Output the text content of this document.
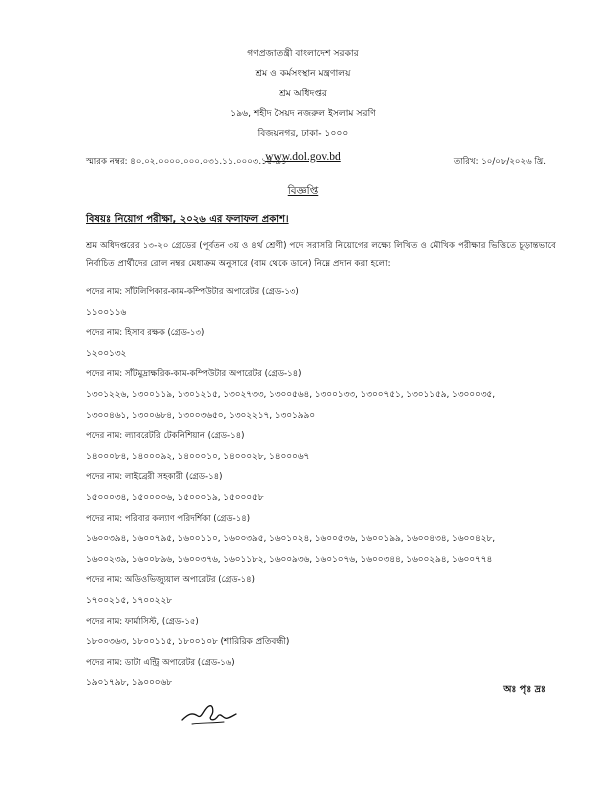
গণপ্রজাতন্ত্রী বাংলাদেশ সরকার
শ্রম ও কর্মসংস্থান মন্ত্রণালয়
শ্রম অধিদপ্তর
১৯৬, শহীদ সৈয়দ নজরুল ইসলাম সরণি
বিজয়নগর, ঢাকা- ১০০০
www.dol.gov.bd
স্মারক নম্বর: ৪০.০২.০০০০.০০০.০৩১.১১.০০০৩.১৫-৯১	তারিখ: ১০/০৮/২০২৬ খ্রি.
বিজ্ঞপ্তি
বিষয়ঃ নিয়োগ পরীক্ষা, ২০২৬ এর ফলাফল প্রকাশ।
শ্রম অধিদপ্তরের ১৩-২০ গ্রেডের (পূর্বতন ৩য় ও ৪র্থ শ্রেণী) পদে সরাসরি নিয়োগের লক্ষ্যে লিখিত ও মৌখিক পরীক্ষার ভিত্তিতে চূড়ান্তভাবে নির্বাচিত প্রার্থীদের রোল নম্বর মেধাক্রম অনুসারে (বাম থেকে ডানে) নিম্নে প্রদান করা হলো:
পদের নাম: সাঁটলিপিকার-কাম-কম্পিউটার অপারেটর (গ্রেড-১৩)
১১০০১১৬
পদের নাম: হিসাব রক্ষক (গ্রেড-১৩)
১২০০১৩২
পদের নাম: সাঁটমুদ্রাক্ষরিক-কাম-কম্পিউটার অপারেটর (গ্রেড-১৪)
১৩০১২২৬, ১৩০০১১৯, ১৩০১২১৫, ১৩০২৭৩৩, ১৩০০৫৬৪, ১৩০০১৩৩, ১৩০০৭৫১, ১৩০১১৫৯, ১৩০০০৩৫,
১৩০০৪৬১, ১৩০০৬৮৪, ১৩০০৩৬৫০, ১৩০২২১৭, ১৩০১৯৯০
পদের নাম: ল্যাবরেটরি টেকনিশিয়ান (গ্রেড-১৪)
১৪০০০৮৪, ১৪০০০৯২, ১৪০০০১০, ১৪০০০২৮, ১৪০০০৬৭
পদের নাম: লাইব্রেরী সহকারী (গ্রেড-১৪)
১৫০০০৩৪, ১৫০০০০৬, ১৫০০০১৯, ১৫০০০৫৮
পদের নাম: পরিবার কল্যাণ পরিদর্শিকা (গ্রেড-১৪)
১৬০০৩৯৪, ১৬০০৭৯৫, ১৬০০১১০, ১৬০০৩৯৫, ১৬০১০২৪, ১৬০০৫৩৬, ১৬০০১৯৯, ১৬০০৪৩৪, ১৬০০৪২৮,
১৬০০২৩৯, ১৬০০৮৯৬, ১৬০০৩৭৬, ১৬০১১৮২, ১৬০০৯৩৬, ১৬০১০৭৬, ১৬০০৩৪৪, ১৬০০২৯৪, ১৬০০৭৭৪
পদের নাম: অডিওভিজ্যুয়াল অপারেটর (গ্রেড-১৪)
১৭০০২১৫, ১৭০০২২৮
পদের নাম: ফার্মাসিস্ট, (গ্রেড-১৫)
১৮০০৩৬৩, ১৮০০১১৫, ১৮০০১০৮ (শারিরিক প্রতিবন্ধী)
পদের নাম: ডাটা এন্ট্রি অপারেটর (গ্রেড-১৬)
১৯০১৭৯৮, ১৯০০০৬৮
অঃ পৃঃ দ্রঃ
